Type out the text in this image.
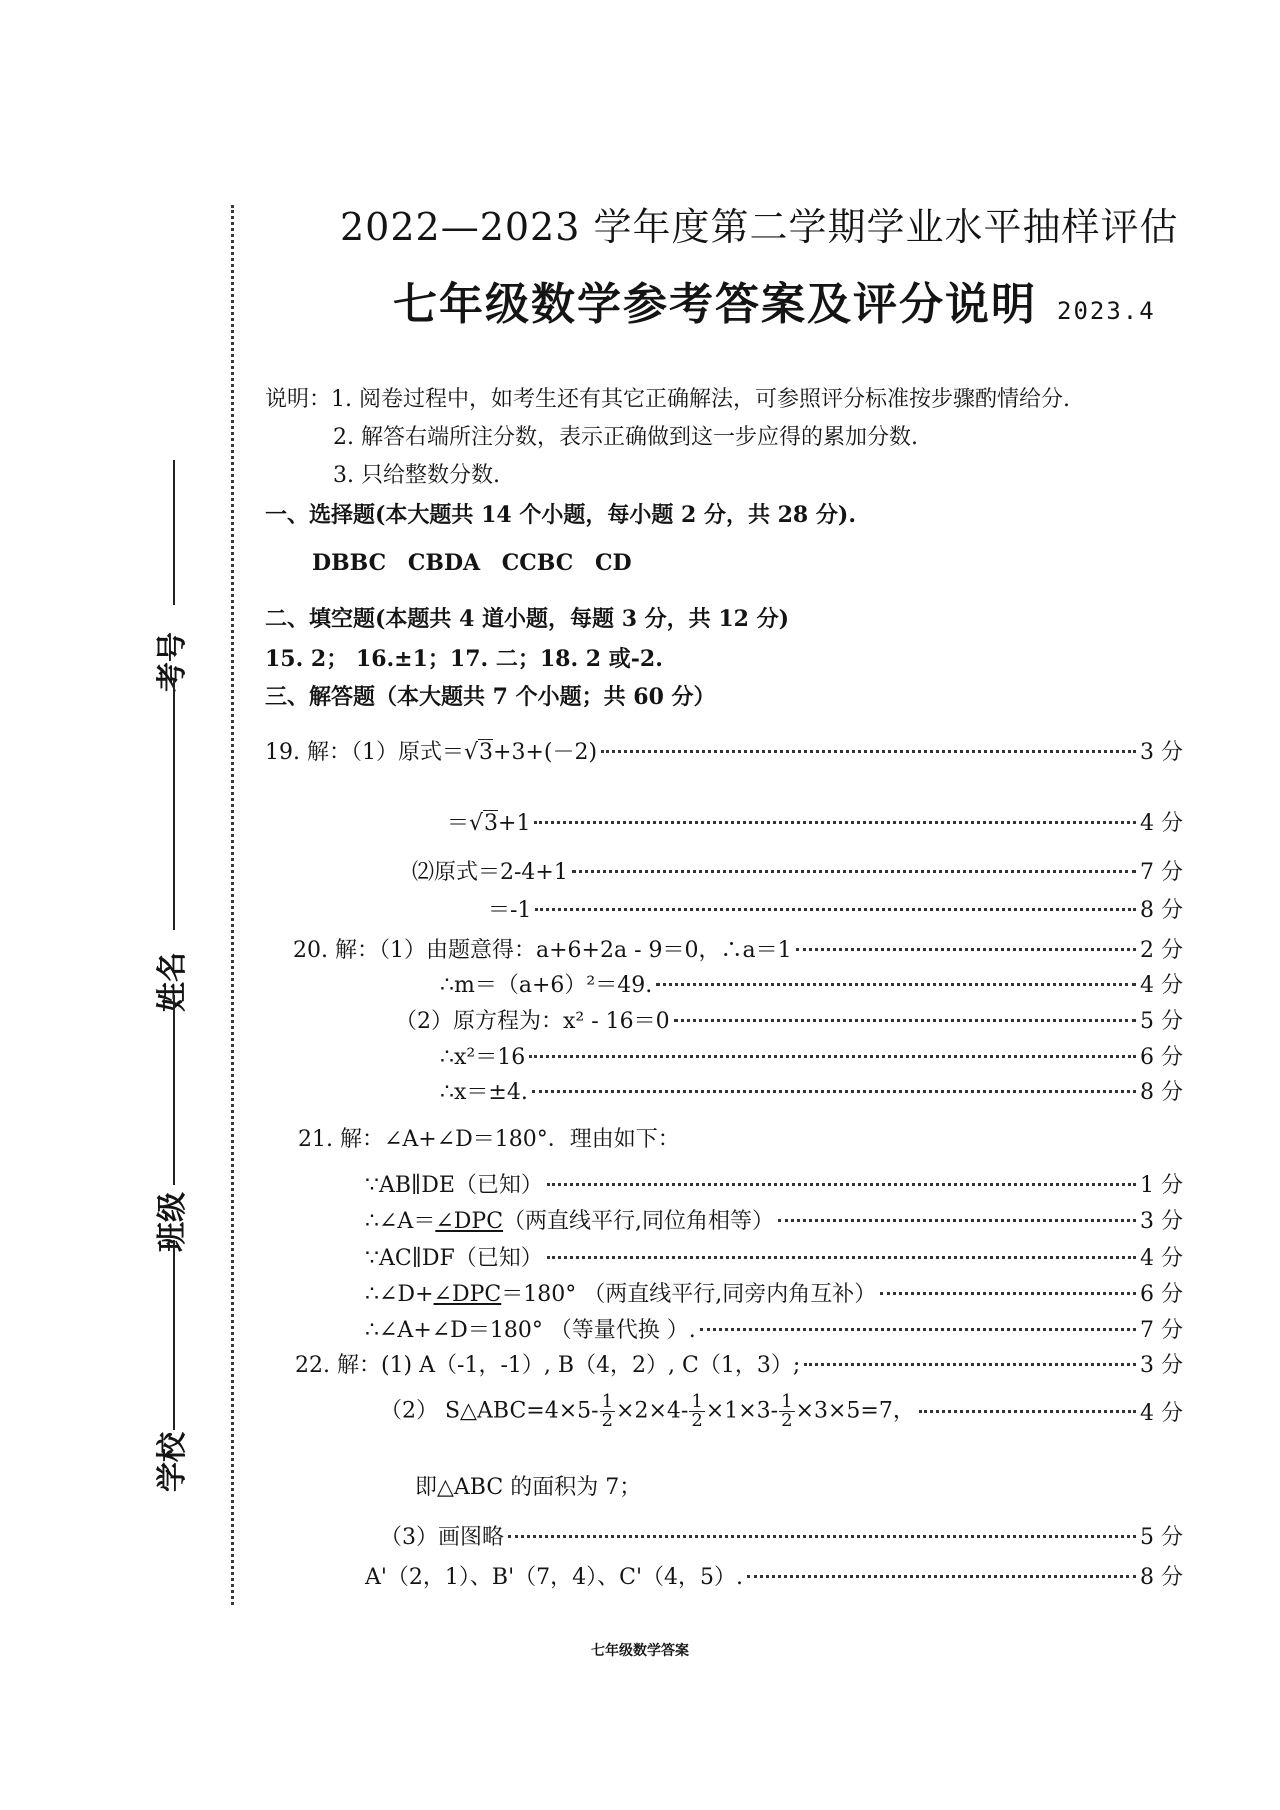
考号
姓名
班级
学校
2022—2023 学年度第二学期学业水平抽样评估
七年级数学参考答案及评分说明 2023.4
说明：1. 阅卷过程中，如考生还有其它正确解法，可参照评分标准按步骤酌情给分.
2. 解答右端所注分数，表示正确做到这一步应得的累加分数.
3. 只给整数分数.
一、选择题(本大题共 14 个小题，每小题 2 分，共 28 分).
DBBC CBDA CCBC CD
二、填空题(本题共 4 道小题，每题 3 分，共 12 分)
15. 2； 16.±1；17. 二；18. 2 或-2.
三、解答题（本大题共 7 个小题；共 60 分）
19. 解：（1）原式＝√3+3+(－2)	3 分
＝√3+1	4 分
⑵原式＝2-4+1	7 分
＝-1	8 分
20. 解：（1）由题意得：a+6+2a - 9＝0，∴a＝1	2 分
∴m＝（a+6）²＝49.	4 分
（2）原方程为：x² - 16＝0	5 分
∴x²＝16	6 分
∴x＝±4.	8 分
21. 解：∠A+∠D＝180°．理由如下：
∵AB∥DE（已知）	1 分
∴∠A＝∠DPC（两直线平行,同位角相等）	3 分
∵AC∥DF（已知）	4 分
∴∠D+∠DPC＝180° （两直线平行,同旁内角互补）	6 分
∴∠A+∠D＝180° （等量代换 ）.	7 分
22. 解：(1) A（-1，-1）, B（4，2）, C（1，3）;	3 分
（2） S△ABC=4×5- $\frac{1}{2} \times 2\times 4- \frac{1}{2} \times 1\times 3- \frac{1}{2} \times 3\times 5=7$，	4 分
即△ABC 的面积为 7；
（3）画图略	5 分
A'（2，1）、B'（7，4）、C'（4，5）.	8 分
七年级数学答案
